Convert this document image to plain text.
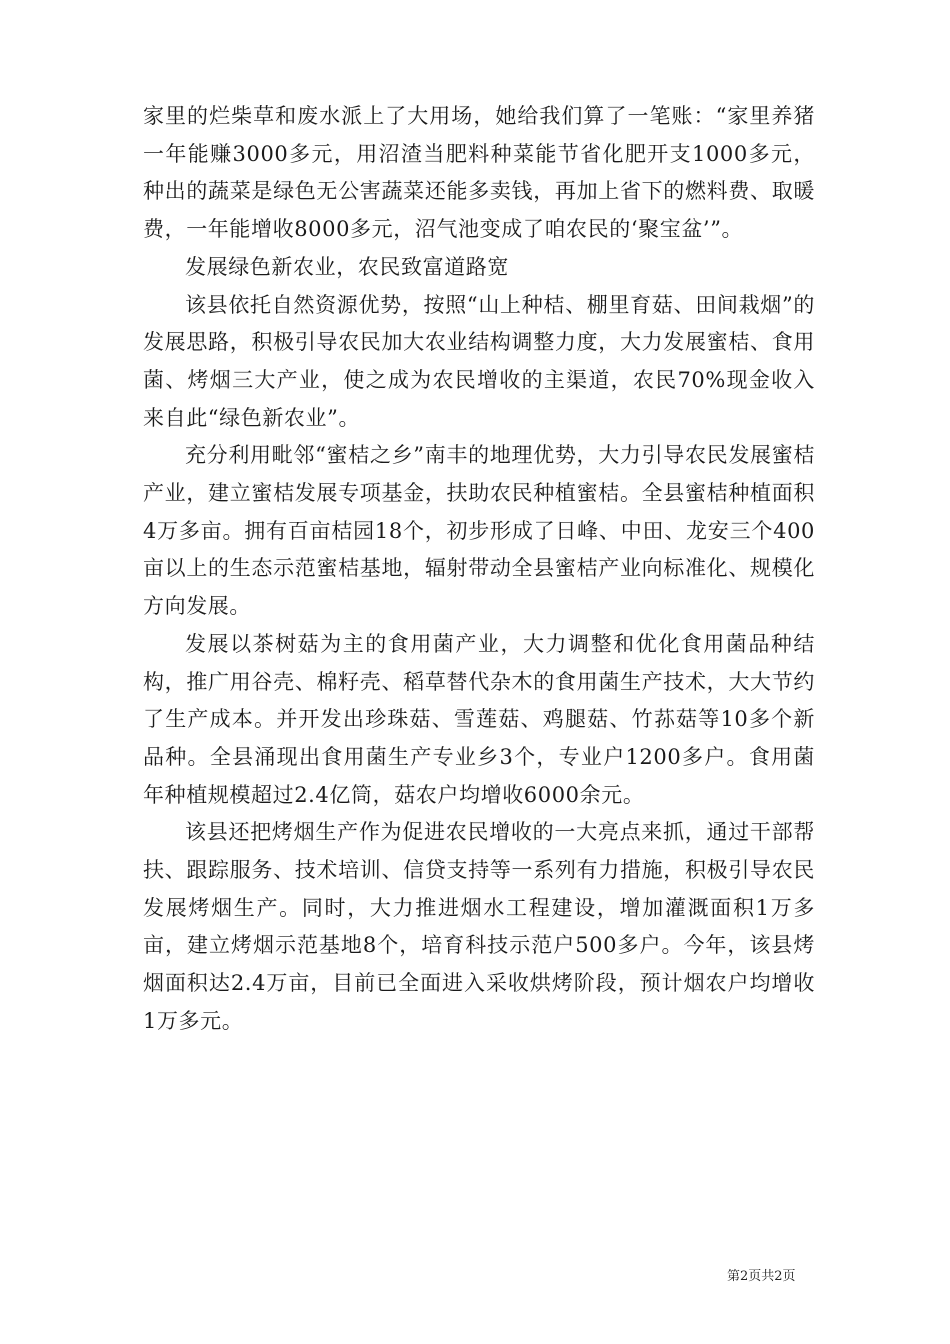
家里的烂柴草和废水派上了大用场，她给我们算了一笔账：“家里养猪一年能赚3000多元，用沼渣当肥料种菜能节省化肥开支1000多元，种出的蔬菜是绿色无公害蔬菜还能多卖钱，再加上省下的燃料费、取暖费，一年能增收8000多元，沼气池变成了咱农民的‘聚宝盆’”。

发展绿色新农业，农民致富道路宽

该县依托自然资源优势，按照“山上种桔、棚里育菇、田间栽烟”的发展思路，积极引导农民加大农业结构调整力度，大力发展蜜桔、食用菌、烤烟三大产业，使之成为农民增收的主渠道，农民70%现金收入来自此“绿色新农业”。

充分利用毗邻“蜜桔之乡”南丰的地理优势，大力引导农民发展蜜桔产业，建立蜜桔发展专项基金，扶助农民种植蜜桔。全县蜜桔种植面积4万多亩。拥有百亩桔园18个，初步形成了日峰、中田、龙安三个400亩以上的生态示范蜜桔基地，辐射带动全县蜜桔产业向标准化、规模化方向发展。

发展以茶树菇为主的食用菌产业，大力调整和优化食用菌品种结构，推广用谷壳、棉籽壳、稻草替代杂木的食用菌生产技术，大大节约了生产成本。并开发出珍珠菇、雪莲菇、鸡腿菇、竹荪菇等10多个新品种。全县涌现出食用菌生产专业乡3个，专业户1200多户。食用菌年种植规模超过2.4亿筒，菇农户均增收6000余元。

该县还把烤烟生产作为促进农民增收的一大亮点来抓，通过干部帮扶、跟踪服务、技术培训、信贷支持等一系列有力措施，积极引导农民发展烤烟生产。同时，大力推进烟水工程建设，增加灌溉面积1万多亩，建立烤烟示范基地8个，培育科技示范户500多户。今年，该县烤烟面积达2.4万亩，目前已全面进入采收烘烤阶段，预计烟农户均增收1万多元。

第2页共2页
